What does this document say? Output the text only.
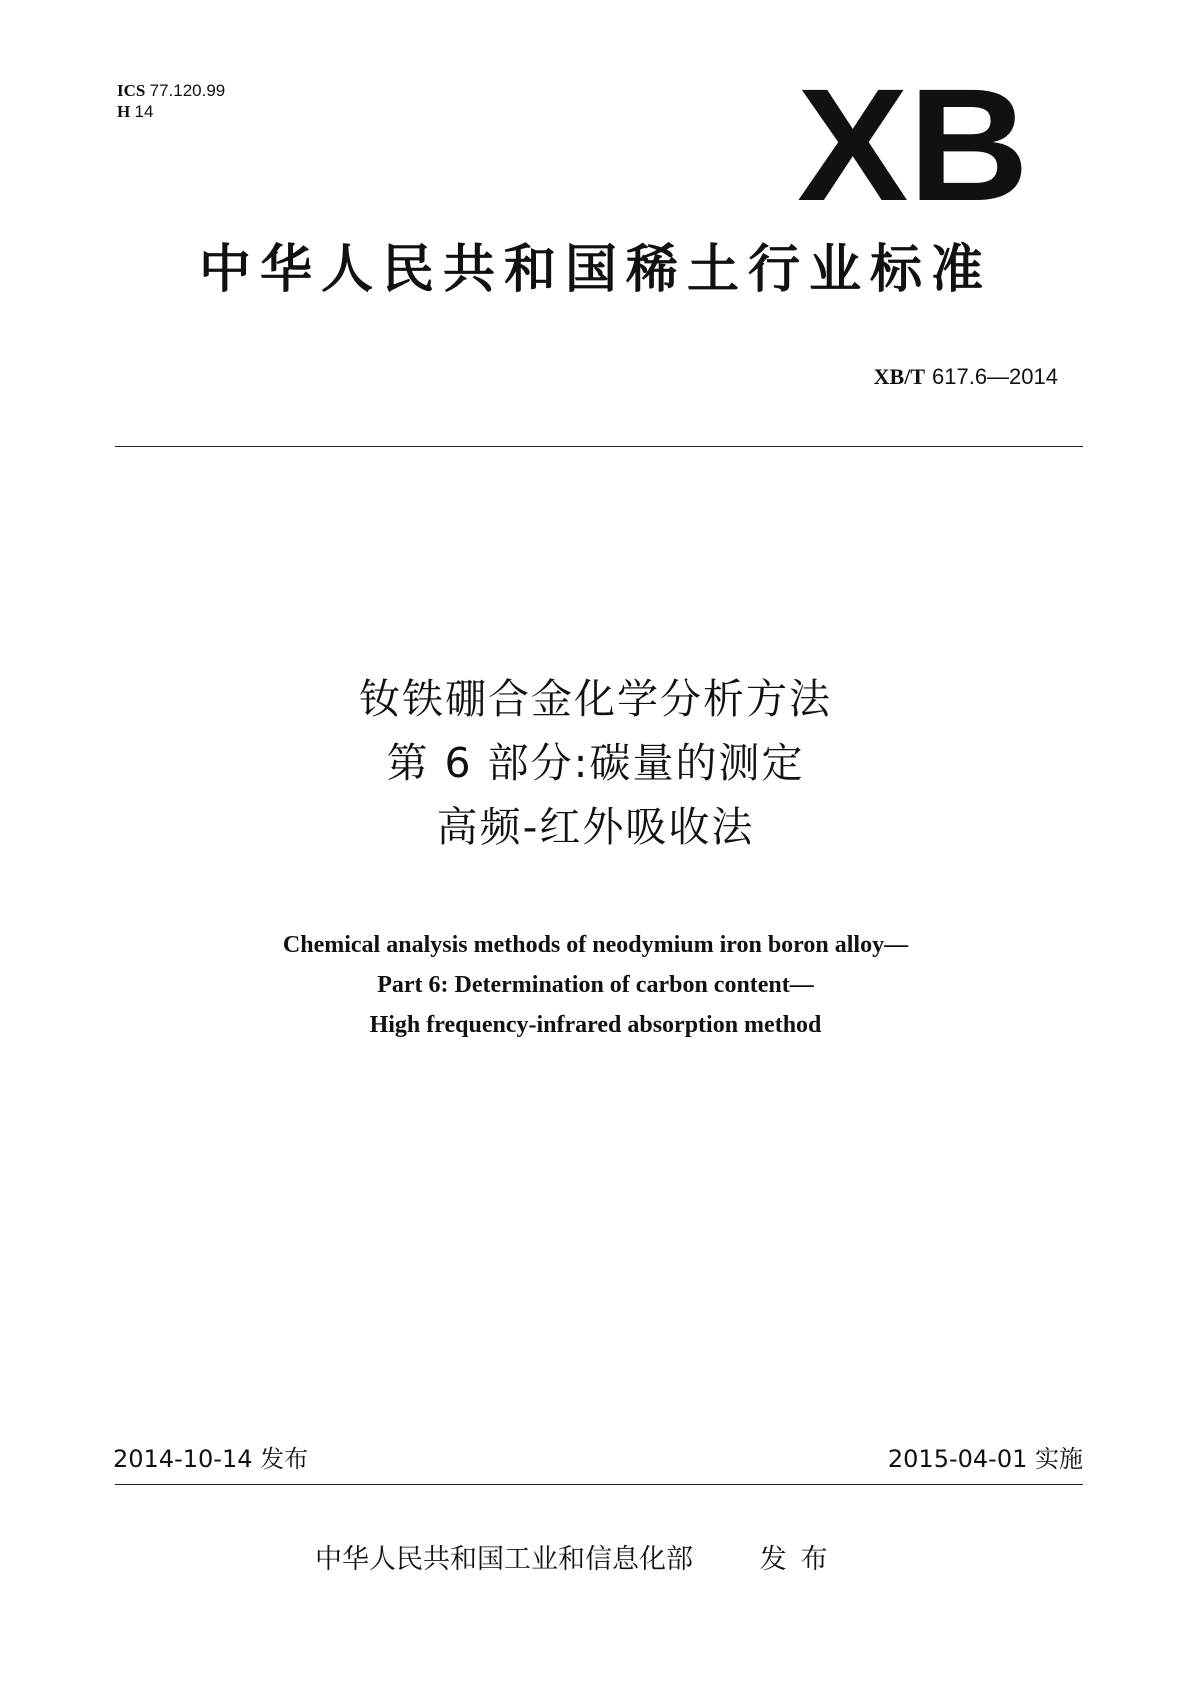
ICS 77.120.99
H 14	XB
中华人民共和国稀土行业标准
XB/T 617.6—2014
钕铁硼合金化学分析方法
第 6 部分:碳量的测定
高频-红外吸收法
Chemical analysis methods of neodymium iron boron alloy—
Part 6: Determination of carbon content—
High frequency-infrared absorption method
2014-10-14 发布	2015-04-01 实施
中华人民共和国工业和信息化部 发布
